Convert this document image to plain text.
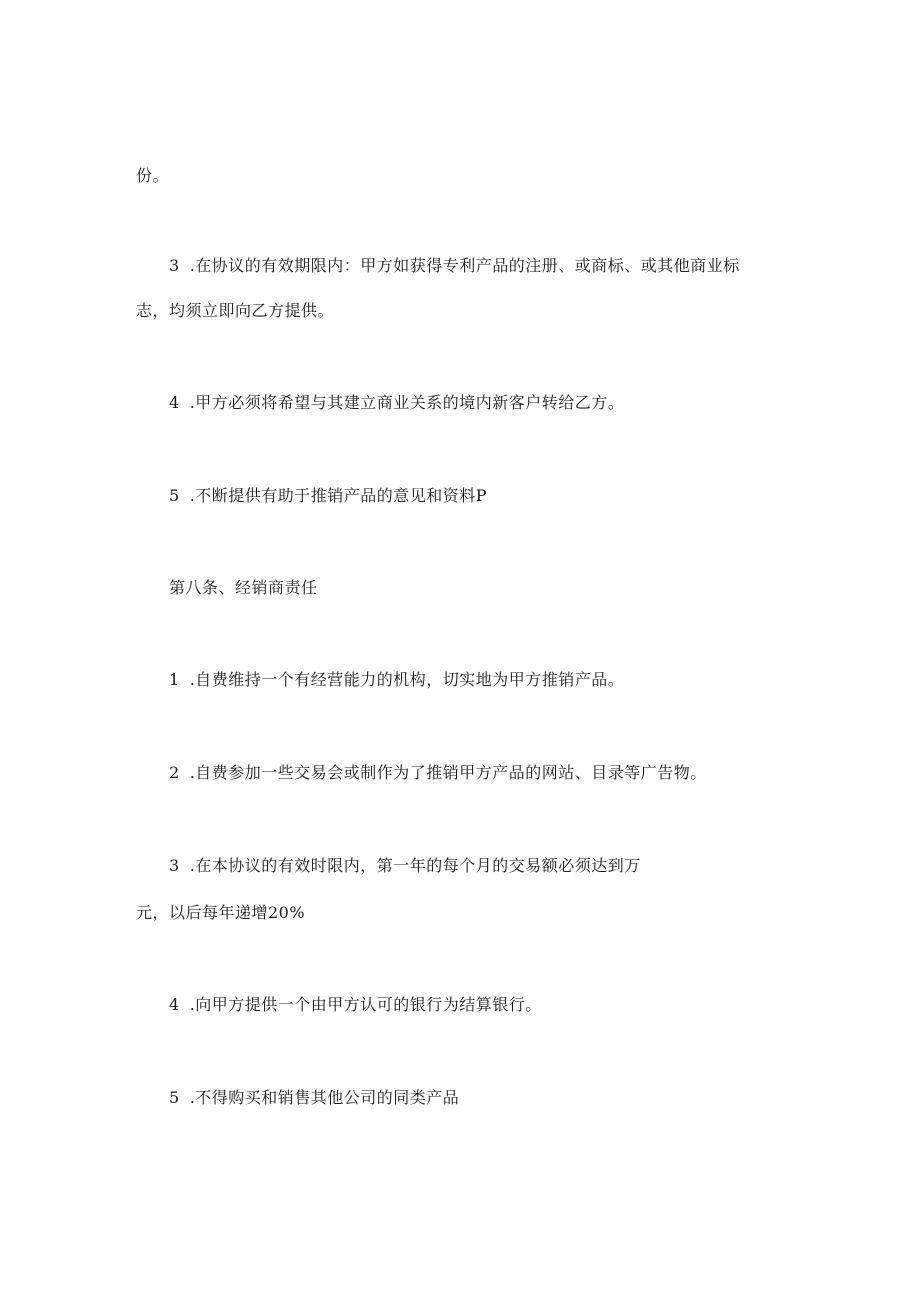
份。
3 .在协议的有效期限内：甲方如获得专利产品的注册、或商标、或其他商业标
志，均须立即向乙方提供。
4 .甲方必须将希望与其建立商业关系的境内新客户转给乙方。
5 .不断提供有助于推销产品的意见和资料P
第八条、经销商责任
1 .自费维持一个有经营能力的机构，切实地为甲方推销产品。
2 .自费参加一些交易会或制作为了推销甲方产品的网站、目录等广告物。
3 .在本协议的有效时限内，第一年的每个月的交易额必须达到万
元，以后每年递增20%
4 .向甲方提供一个由甲方认可的银行为结算银行。
5 .不得购买和销售其他公司的同类产品
